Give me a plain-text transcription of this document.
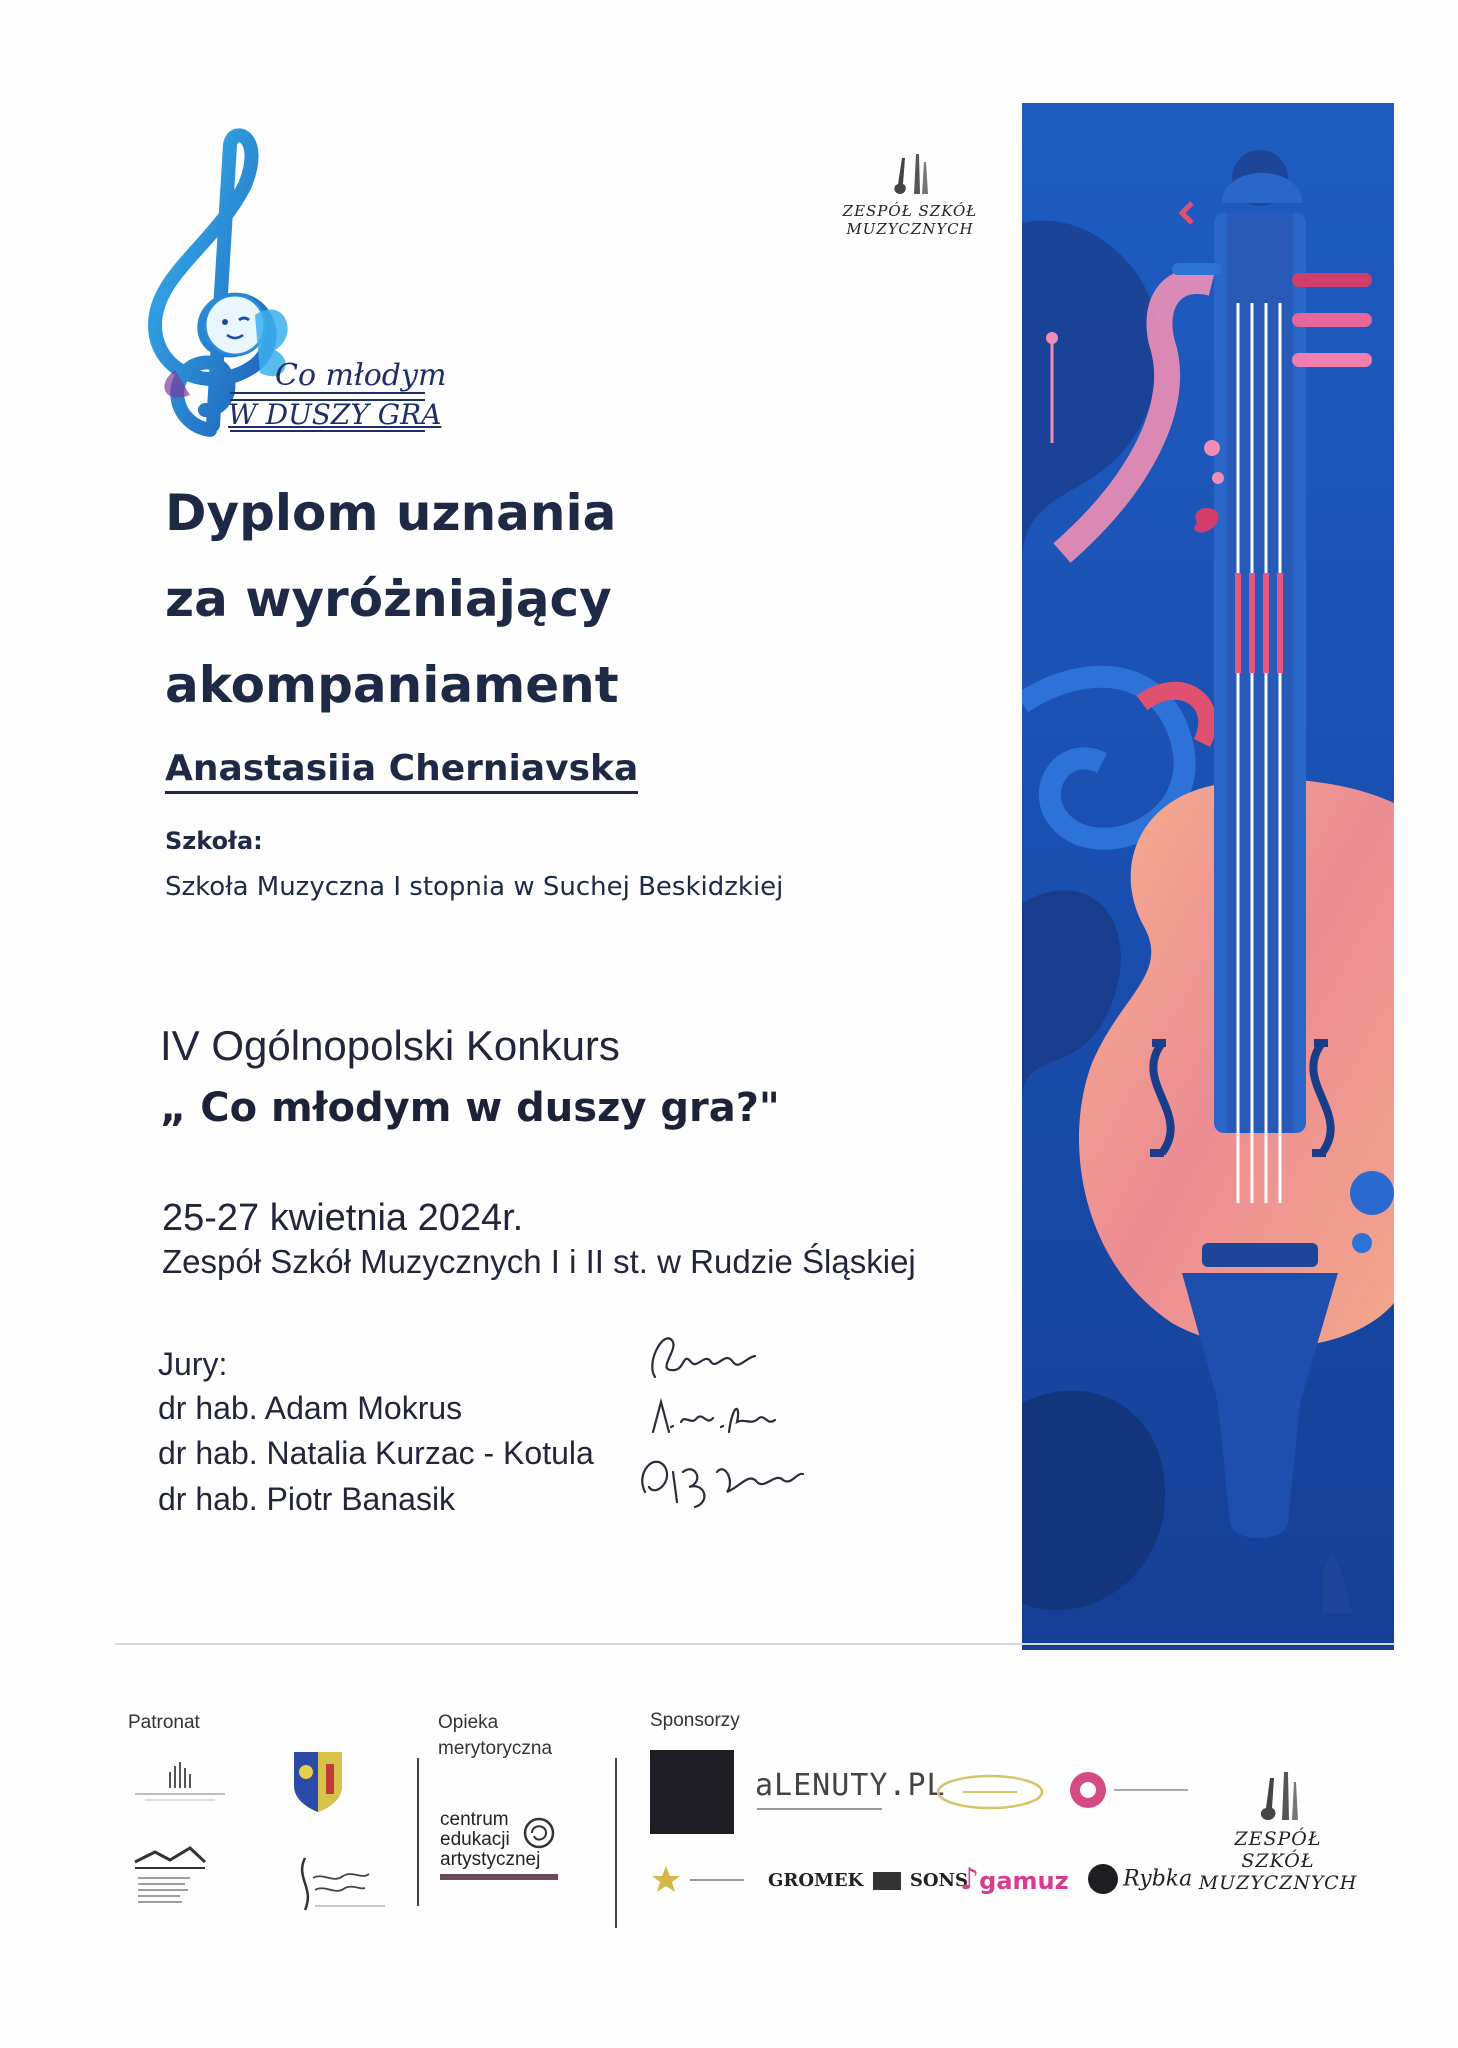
Co młodym
W DUSZY GRA
ZESPÓŁ SZKÓŁ
MUZYCZNYCH
Dyplom uznania
za wyróżniający
akompaniament
Anastasiia Cherniavska
Szkoła:
Szkoła Muzyczna I stopnia w Suchej Beskidzkiej
IV Ogólnopolski Konkurs
„ Co młodym w duszy gra?"
25-27 kwietnia 2024r.
Zespół Szkół Muzycznych I i II st. w Rudzie Śląskiej
Jury:
dr hab. Adam Mokrus
dr hab. Natalia Kurzac - Kotula
dr hab. Piotr Banasik
Patronat	Opieka
merytoryczna
centrum
edukacji
artystycznej
Sponsorzy
aLENUTY.PL
GROMEK	SONS
♪gamuz	Rybka
ZESPÓŁ SZKÓŁ
MUZYCZNYCH
